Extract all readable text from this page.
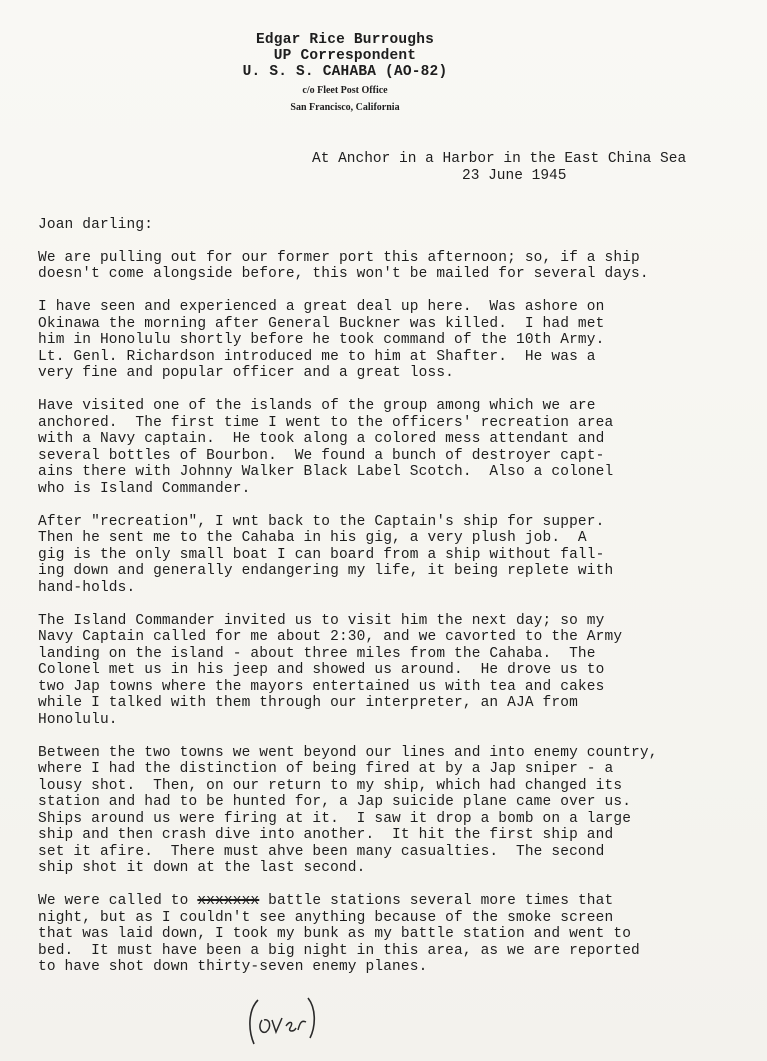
Edgar Rice Burroughs
UP Correspondent
U. S. S. CAHABA (AO-82)
c/o Fleet Post Office
San Francisco, California
At Anchor in a Harbor in the East China Sea
23 June 1945
Joan darling:
We are pulling out for our former port this afternoon; so, if a ship
doesn't come alongside before, this won't be mailed for several days.
I have seen and experienced a great deal up here.  Was ashore on
Okinawa the morning after General Buckner was killed.  I had met
him in Honolulu shortly before he took command of the 10th Army.
Lt. Genl. Richardson introduced me to him at Shafter.  He was a
very fine and popular officer and a great loss.
Have visited one of the islands of the group among which we are
anchored.  The first time I went to the officers' recreation area
with a Navy captain.  He took along a colored mess attendant and
several bottles of Bourbon.  We found a bunch of destroyer capt-
ains there with Johnny Walker Black Label Scotch.  Also a colonel
who is Island Commander.
After "recreation", I wnt back to the Captain's ship for supper.
Then he sent me to the Cahaba in his gig, a very plush job.  A
gig is the only small boat I can board from a ship without fall-
ing down and generally endangering my life, it being replete with
hand-holds.
The Island Commander invited us to visit him the next day; so my
Navy Captain called for me about 2:30, and we cavorted to the Army
landing on the island - about three miles from the Cahaba.  The
Colonel met us in his jeep and showed us around.  He drove us to
two Jap towns where the mayors entertained us with tea and cakes
while I talked with them through our interpreter, an AJA from
Honolulu.
Between the two towns we went beyond our lines and into enemy country,
where I had the distinction of being fired at by a Jap sniper - a
lousy shot.  Then, on our return to my ship, which had changed its
station and had to be hunted for, a Jap suicide plane came over us.
Ships around us were firing at it.  I saw it drop a bomb on a large
ship and then crash dive into another.  It hit the first ship and
set it afire.  There must ahve been many casualties.  The second
ship shot it down at the last second.
We were called to xxxxxxx battle stations several more times that
night, but as I couldn't see anything because of the smoke screen
that was laid down, I took my bunk as my battle station and went to
bed.  It must have been a big night in this area, as we are reported
to have shot down thirty-seven enemy planes.
